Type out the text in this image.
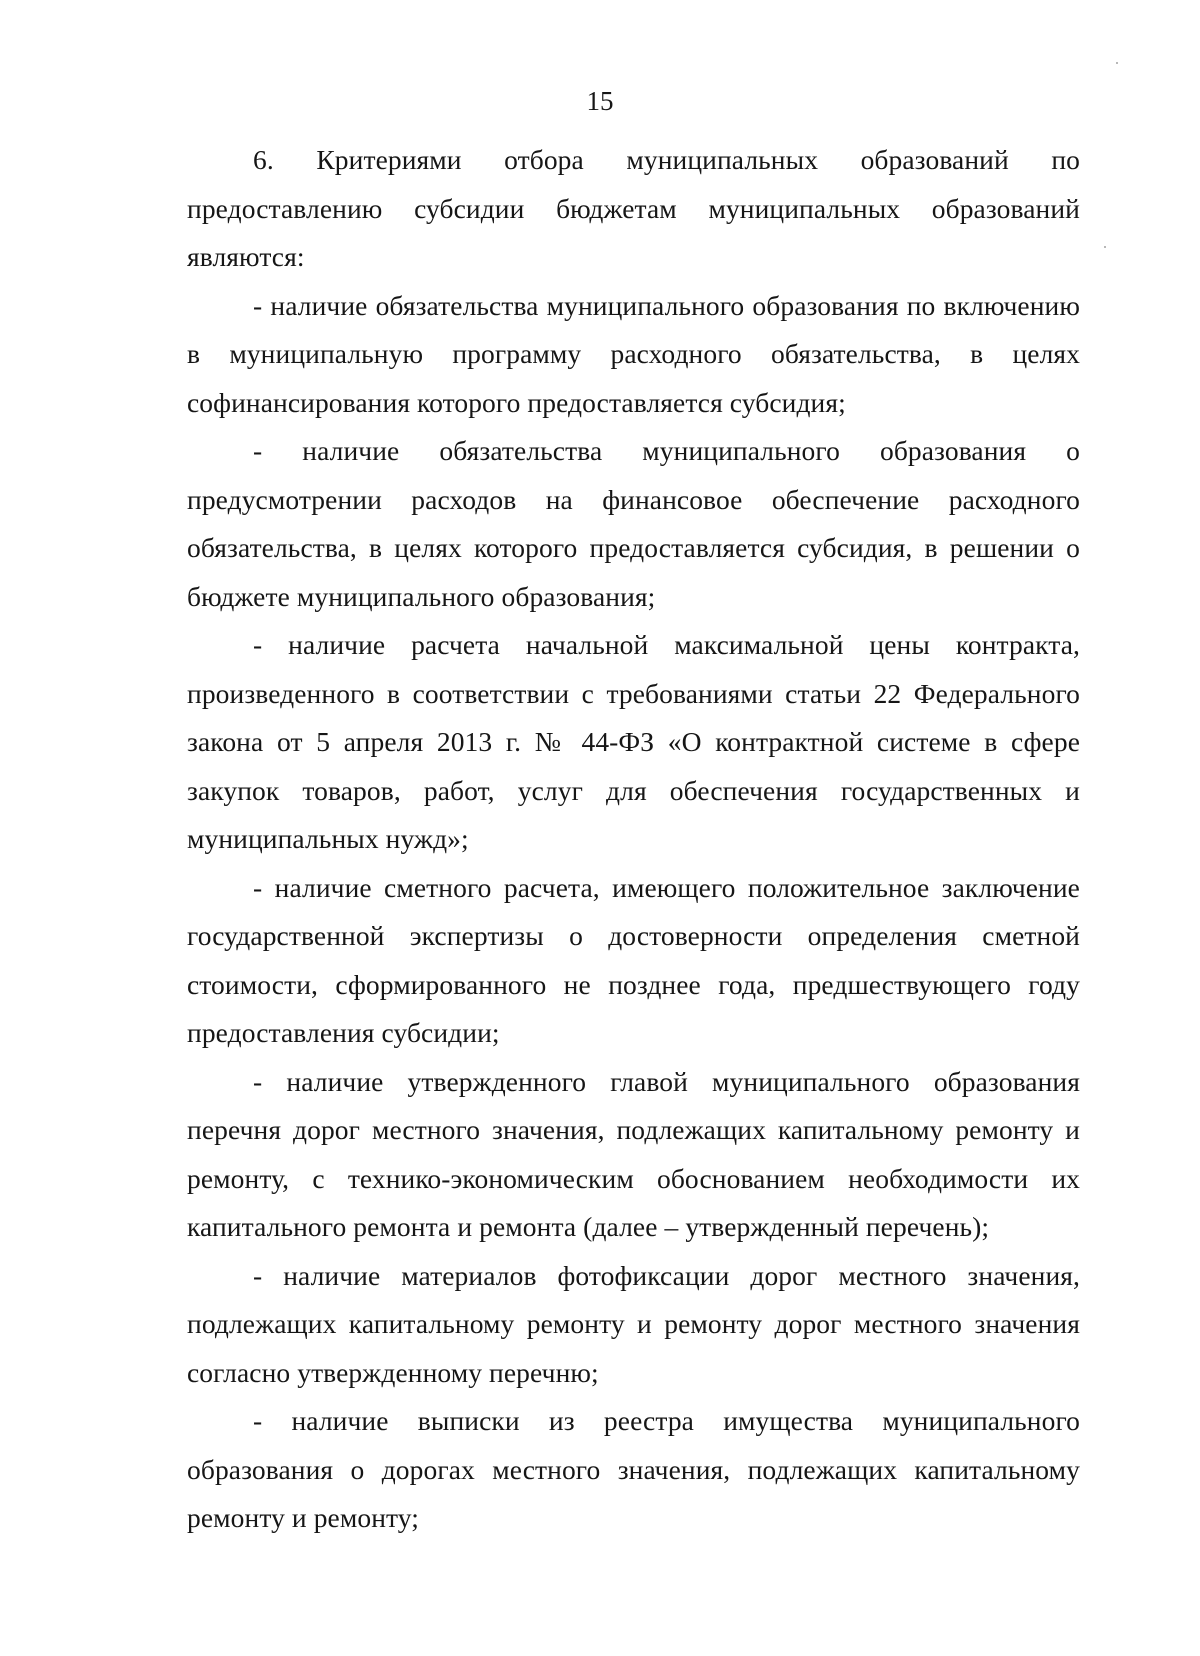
15

6. Критериями отбора муниципальных образований по предоставлению субсидии бюджетам муниципальных образований являются:

- наличие обязательства муниципального образования по включению в муниципальную программу расходного обязательства, в целях софинансирования которого предоставляется субсидия;

- наличие обязательства муниципального образования о предусмотрении расходов на финансовое обеспечение расходного обязательства, в целях которого предоставляется субсидия, в решении о бюджете муниципального образования;

- наличие расчета начальной максимальной цены контракта, произведенного в соответствии с требованиями статьи 22 Федерального закона от 5 апреля 2013 г. № 44-ФЗ «О контрактной системе в сфере закупок товаров, работ, услуг для обеспечения государственных и муниципальных нужд»;

- наличие сметного расчета, имеющего положительное заключение государственной экспертизы о достоверности определения сметной стоимости, сформированного не позднее года, предшествующего году предоставления субсидии;

- наличие утвержденного главой муниципального образования перечня дорог местного значения, подлежащих капитальному ремонту и ремонту, с технико-экономическим обоснованием необходимости их капитального ремонта и ремонта (далее – утвержденный перечень);

- наличие материалов фотофиксации дорог местного значения, подлежащих капитальному ремонту и ремонту дорог местного значения согласно утвержденному перечню;

- наличие выписки из реестра имущества муниципального образования о дорогах местного значения, подлежащих капитальному ремонту и ремонту;
